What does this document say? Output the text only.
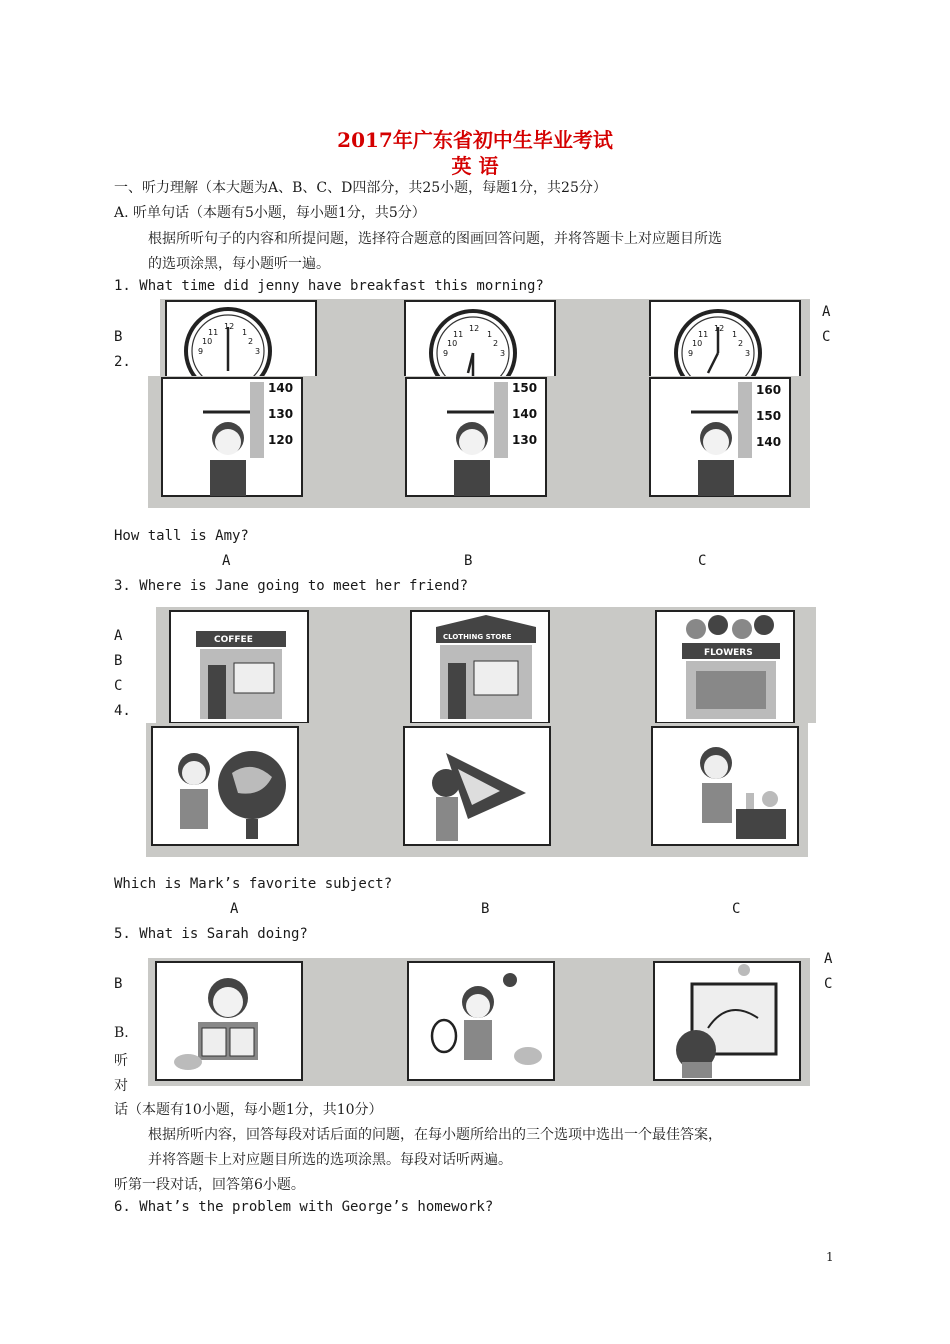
2017年广东省初中生毕业考试
英 语
一、听力理解（本大题为A、B、C、D四部分，共25小题，每题1分，共25分）
A. 听单句话（本题有5小题，每小题1分，共5分）
根据所听句子的内容和所提问题，选择符合题意的图画回答问题，并将答题卡上对应题目所选
的选项涂黑，每小题听一遍。
1. What time did jenny have breakfast this morning?
A
B	C
2.
12
3
9
1
11
2
10
12
3
9
1
11
2
10
12
3
9
1
11
2
10
140
130
120
150
140
130
160
150
140
How tall is Amy?
A	B	C
3. Where is Jane going to meet her friend?
A
B
C
4.
COFFEE	CLOTHING STORE
FLOWERS
Which is Mark’s favorite subject?
A	B	C
5. What is Sarah doing?
A
B	C
B.
听
对
话（本题有10小题，每小题1分，共10分）
根据所听内容，回答每段对话后面的问题，在每小题所给出的三个选项中选出一个最佳答案，
并将答题卡上对应题目所选的选项涂黑。每段对话听两遍。
听第一段对话，回答第6小题。
6. What’s the problem with George’s homework?
1
